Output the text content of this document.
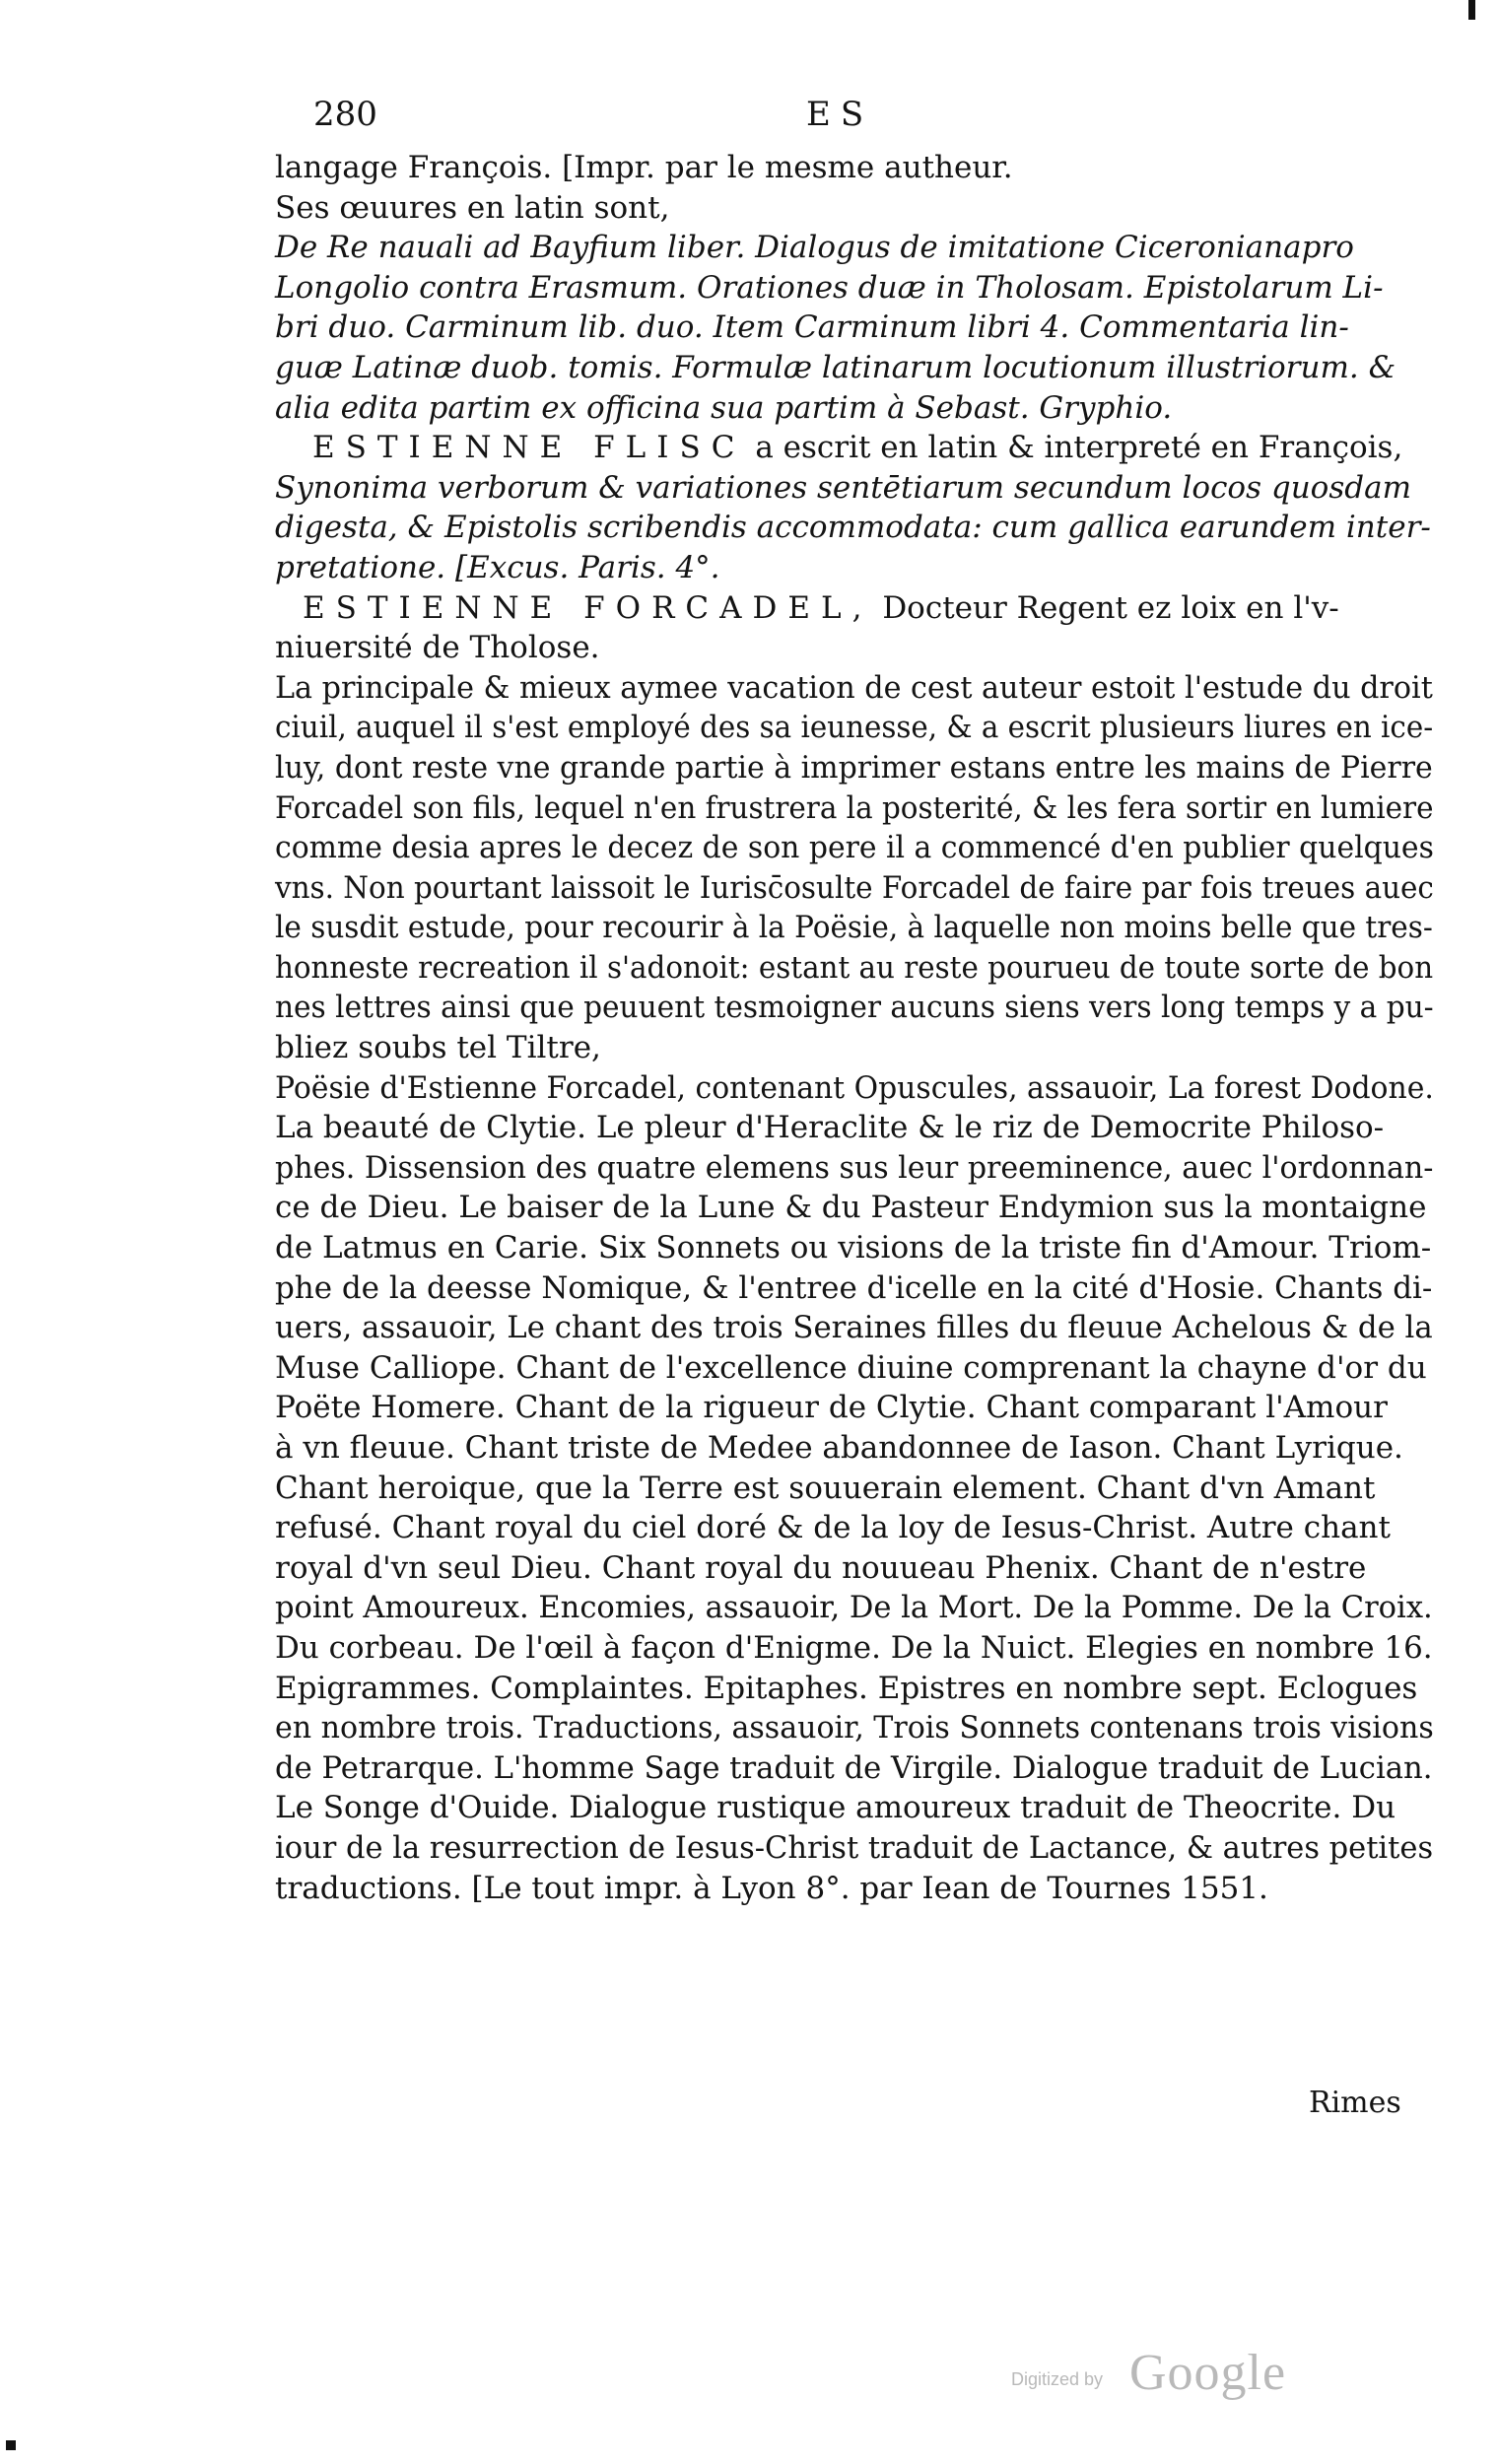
280	ES
langage François. [Impr. par le mesme autheur.
Ses œuures en latin sont,
De Re nauali ad Bayfium liber. Dialogus de imitatione Ciceronianapro
Longolio contra Erasmum. Orationes duæ in Tholosam. Epistolarum Li-
bri duo. Carminum lib. duo. Item Carminum libri 4. Commentaria lin-
guæ Latinæ duob. tomis. Formulæ latinarum locutionum illustriorum. &
alia edita partim ex officina sua partim à Sebast. Gryphio.
ESTIENNE FLISC a escrit en latin & interpreté en François,
Synonima verborum & variationes sentētiarum secundum locos quosdam
digesta, & Epistolis scribendis accommodata: cum gallica earundem inter-
pretatione. [Excus. Paris. 4°.
ESTIENNE FORCADEL, Docteur Regent ez loix en l'v-
niuersité de Tholose.
La principale & mieux aymee vacation de cest auteur estoit l'estude du droit
ciuil, auquel il s'est employé des sa ieunesse, & a escrit plusieurs liures en ice-
luy, dont reste vne grande partie à imprimer estans entre les mains de Pierre
Forcadel son fils, lequel n'en frustrera la posterité, & les fera sortir en lumiere
comme desia apres le decez de son pere il a commencé d'en publier quelques
vns. Non pourtant laissoit le Iurisc̄osulte Forcadel de faire par fois treues auec
le susdit estude, pour recourir à la Poësie, à laquelle non moins belle que tres-
honneste recreation il s'adonoit: estant au reste pourueu de toute sorte de bon
nes lettres ainsi que peuuent tesmoigner aucuns siens vers long temps y a pu-
bliez soubs tel Tiltre,
Poësie d'Estienne Forcadel, contenant Opuscules, assauoir, La forest Dodone.
La beauté de Clytie. Le pleur d'Heraclite & le riz de Democrite Philoso-
phes. Dissension des quatre elemens sus leur preeminence, auec l'ordonnan-
ce de Dieu. Le baiser de la Lune & du Pasteur Endymion sus la montaigne
de Latmus en Carie. Six Sonnets ou visions de la triste fin d'Amour. Triom-
phe de la deesse Nomique, & l'entree d'icelle en la cité d'Hosie. Chants di-
uers, assauoir, Le chant des trois Seraines filles du fleuue Achelous & de la
Muse Calliope. Chant de l'excellence diuine comprenant la chayne d'or du
Poëte Homere. Chant de la rigueur de Clytie. Chant comparant l'Amour
à vn fleuue. Chant triste de Medee abandonnee de Iason. Chant Lyrique.
Chant heroique, que la Terre est souuerain element. Chant d'vn Amant
refusé. Chant royal du ciel doré & de la loy de Iesus-Christ. Autre chant
royal d'vn seul Dieu. Chant royal du nouueau Phenix. Chant de n'estre
point Amoureux. Encomies, assauoir, De la Mort. De la Pomme. De la Croix.
Du corbeau. De l'œil à façon d'Enigme. De la Nuict. Elegies en nombre 16.
Epigrammes. Complaintes. Epitaphes. Epistres en nombre sept. Eclogues
en nombre trois. Traductions, assauoir, Trois Sonnets contenans trois visions
de Petrarque. L'homme Sage traduit de Virgile. Dialogue traduit de Lucian.
Le Songe d'Ouide. Dialogue rustique amoureux traduit de Theocrite. Du
iour de la resurrection de Iesus-Christ traduit de Lactance, & autres petites
traductions. [Le tout impr. à Lyon 8°. par Iean de Tournes 1551.
Rimes
Digitized by Google
